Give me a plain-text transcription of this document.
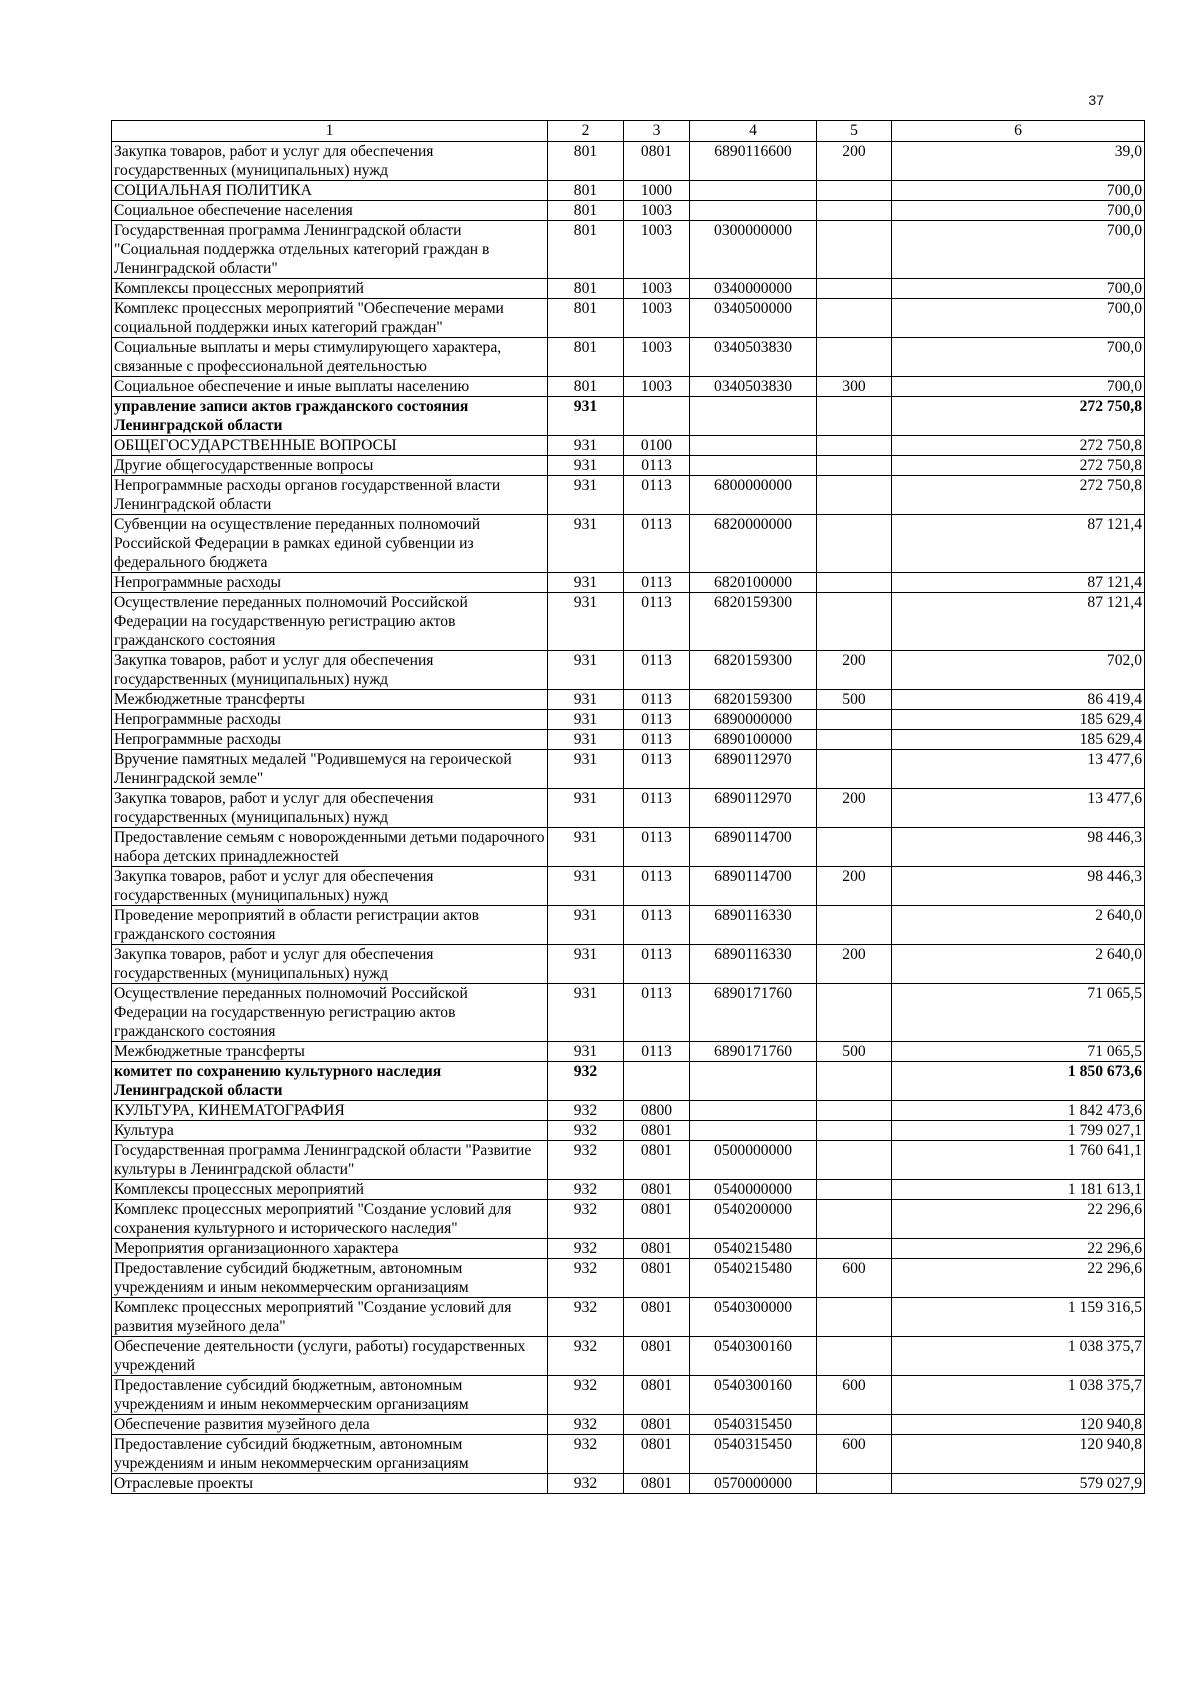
37
1	2	3	4	5	6
Закупка товаров, работ и услуг для обеспечения государственных (муниципальных) нужд	801	0801	6890116600	200	39,0
СОЦИАЛЬНАЯ ПОЛИТИКА	801	1000			700,0
Социальное обеспечение населения	801	1003			700,0
Государственная программа Ленинградской области "Социальная поддержка отдельных категорий граждан в Ленинградской области"	801	1003	0300000000		700,0
Комплексы процессных мероприятий	801	1003	0340000000		700,0
Комплекс процессных мероприятий "Обеспечение мерами социальной поддержки иных категорий граждан"	801	1003	0340500000		700,0
Социальные выплаты и меры стимулирующего характера, связанные с профессиональной деятельностью	801	1003	0340503830		700,0
Социальное обеспечение и иные выплаты населению	801	1003	0340503830	300	700,0
управление записи актов гражданского состояния Ленинградской области	931				272 750,8
ОБЩЕГОСУДАРСТВЕННЫЕ ВОПРОСЫ	931	0100			272 750,8
Другие общегосударственные вопросы	931	0113			272 750,8
Непрограммные расходы органов государственной власти Ленинградской области	931	0113	6800000000		272 750,8
Субвенции на осуществление переданных полномочий Российской Федерации в рамках единой субвенции из федерального бюджета	931	0113	6820000000		87 121,4
Непрограммные расходы	931	0113	6820100000		87 121,4
Осуществление переданных полномочий Российской Федерации на государственную регистрацию актов гражданского состояния	931	0113	6820159300		87 121,4
Закупка товаров, работ и услуг для обеспечения государственных (муниципальных) нужд	931	0113	6820159300	200	702,0
Межбюджетные трансферты	931	0113	6820159300	500	86 419,4
Непрограммные расходы	931	0113	6890000000		185 629,4
Непрограммные расходы	931	0113	6890100000		185 629,4
Вручение памятных медалей "Родившемуся на героической Ленинградской земле"	931	0113	6890112970		13 477,6
Закупка товаров, работ и услуг для обеспечения государственных (муниципальных) нужд	931	0113	6890112970	200	13 477,6
Предоставление семьям с новорожденными детьми подарочного набора детских принадлежностей	931	0113	6890114700		98 446,3
Закупка товаров, работ и услуг для обеспечения государственных (муниципальных) нужд	931	0113	6890114700	200	98 446,3
Проведение мероприятий в области регистрации актов гражданского состояния	931	0113	6890116330		2 640,0
Закупка товаров, работ и услуг для обеспечения государственных (муниципальных) нужд	931	0113	6890116330	200	2 640,0
Осуществление переданных полномочий Российской Федерации на государственную регистрацию актов гражданского состояния	931	0113	6890171760		71 065,5
Межбюджетные трансферты	931	0113	6890171760	500	71 065,5
комитет по сохранению культурного наследия Ленинградской области	932				1 850 673,6
КУЛЬТУРА, КИНЕМАТОГРАФИЯ	932	0800			1 842 473,6
Культура	932	0801			1 799 027,1
Государственная программа Ленинградской области "Развитие культуры в Ленинградской области"	932	0801	0500000000		1 760 641,1
Комплексы процессных мероприятий	932	0801	0540000000		1 181 613,1
Комплекс процессных мероприятий "Создание условий для сохранения культурного и исторического наследия"	932	0801	0540200000		22 296,6
Мероприятия организационного характера	932	0801	0540215480		22 296,6
Предоставление субсидий бюджетным, автономным учреждениям и иным некоммерческим организациям	932	0801	0540215480	600	22 296,6
Комплекс процессных мероприятий "Создание условий для развития музейного дела"	932	0801	0540300000		1 159 316,5
Обеспечение деятельности (услуги, работы) государственных учреждений	932	0801	0540300160		1 038 375,7
Предоставление субсидий бюджетным, автономным учреждениям и иным некоммерческим организациям	932	0801	0540300160	600	1 038 375,7
Обеспечение развития музейного дела	932	0801	0540315450		120 940,8
Предоставление субсидий бюджетным, автономным учреждениям и иным некоммерческим организациям	932	0801	0540315450	600	120 940,8
Отраслевые проекты	932	0801	0570000000		579 027,9
